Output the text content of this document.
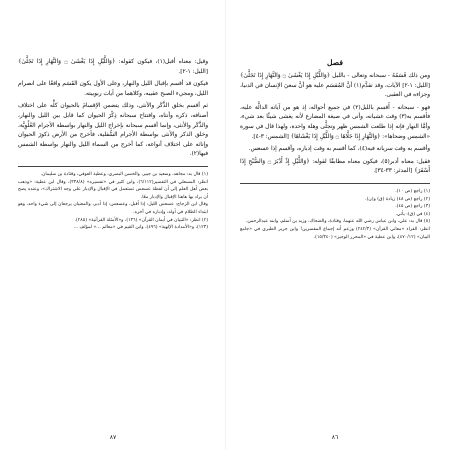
وقيل: معناه أقبل(١)، فيكون كقوله: ﴿وَاللَّيْلِ إِذَا يَغْشَىٰ ۝ وَالنَّهَارِ إِذَا تَجَلَّىٰ﴾ [الليل: ١-٢].

فيكون قد أقسم بإقبال الليل والنهار، وعلى الأول يكون القَسَم واقعًا على انصرام الليل، ومجيء الصبح عقيبه، وكلاهما من آيات ربوبيته.

ثم أقسم بخلق الذَّكَر والأنثى، وذلك يتضمن الإقسامَ بالحيوان كلِّه على اختلاف أصنافه، ذكره وأنثاه، وافتتاح سبحانه ذِكْرَ الحيوان كما قابل بين الليل والنهار، والذَّكَر والأنثى، وإنما أقسم سبحانه بإخراج الليل والنهار بواسطة الأجرام العُلْوِيَّة، وخلق الذكر والأنثى بواسطة الأجرام السُّفلية، فأخرج من الأرض ذكورَ الحيوان وإناثه على اختلاف أنواعه، كما أخرج من السماء الليل والنهار بواسطة الشمس فيها(٢).

(١) قال به: مجاهد، وسعيد بن جبير، والحسن البصري، وعطية العوفي، وقتادة بن سليمان.

انظر: المسعلي في التفسير(٦/١١٢)، وابن كثير في «تفسيره» (٣٣٨/٨)، وقال ابن عطية: «وذهب بعض أهل العلم إلى أن لفظة عسعس تستعمل في الإقبال والإدبار على وجه الاشتراك»، وعنده يصح أن يراد بها هاهنا الإقبال والإدبار معًا.

وقال ابن الزجاج: عسعس الليل: إذا أقبل، وعسعس: إذا أدبر، والمعنيان يرجعان إلى شيء واحد، وهو ابتداء الظلام في أوله، وإدباره في آخره.

(٢) انظر: «التبيان في أيمان القرآن» (١٣٦)، و«الأمثلة القرآنية» (٢٨٥).

(١٢٣)، و«الأمدادة الإلهية» (٤٩٦)، وابن القيم في «معالم ...» لمؤلف ...

٨٧
فصل

ومن ذلك قَسَمُهُ - سبحانه وتعالى - بالليل ﴿وَاللَّيْلِ إِذَا يَغْشَىٰ ۝ وَالنَّهَارِ إِذَا تَجَلَّىٰ﴾ [الليل: ١-٢] الآيات، وقد تقدَّم(١) أنَّ المُقسَم عليه هو أنَّ سعيَ الإنسان في الدنيا، وجزاءه في العقبى.

فهو - سبحانه - أَقسم بالليل(٢) في جميع أحواله، إذ هو من آياته الدالَّة عليه، فأقسم به(٣) وقت غشيانه، وأتى في صيغة المضارع لأنه يغشى شيئًا بعد شيء، وأمَّا النهار فإنه إذا طلعت الشمس ظهر وتجلَّى وهلة واحدة، ولهذا قال في سورة «الشمس وضحاها»: ﴿وَالنَّهَارِ إِذَا جَلَّاهَا ۝ وَاللَّيْلِ إِذَا يَغْشَاهَا﴾ [الشمس: ٣-٤].

وأقسم به وقت سريانه فيه(٤)، كما أقسم به وقت إدباره، وأقسم إذا عسعس.

فقيل: معناه أدبر(٥)، فيكون معناه مطابقًا لقوله: ﴿وَاللَّيْلِ إِذْ أَدْبَرَ ۝ وَالصُّبْحِ إِذَا أَسْفَرَ﴾ [المدثر: ٣٣-٣٤].

(١) راجع (ص ١٠).

(٢) راجع (ص ٤٨) زيادة (ق) و(ن).

(٣) راجع (ص ٤٥).

(٤) في (ق): يأتي.

(٥) قال به: علي، وابن عباس رضي الله عنهما، وقتادة، والضحاك، وزيد بن أسلم، وابنه عبدالرحمن.

انظر: الفراء «معاني القرآن» (٢٤٢/٣) وزعم أنه إجماع المفسرين! وابن جرير الطبري في «جامع البيان» (٤٧٠/١٢)، وابن عطية في «المحرر الوجيز» (١٥/٣٤٠).

٨٦
